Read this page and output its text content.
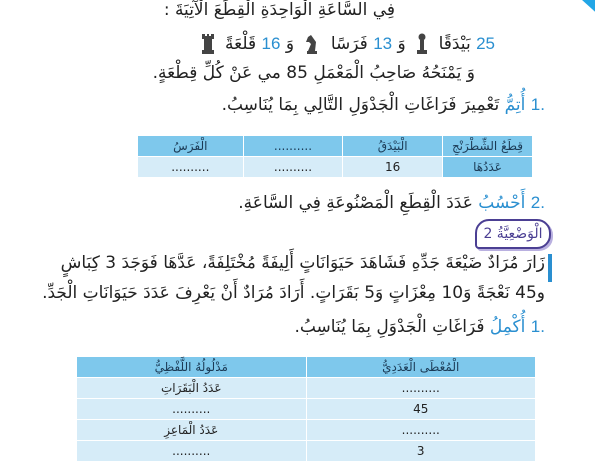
فِي السَّاعَةِ الْوَاحِدَةِ الْقِطَعَ الْآتِيَةَ :
25 بَيْدَقًا  وَ 13 فَرَسًا  وَ 16 قَلْعَةً
وَ يَمْنَحُهُ صَاحِبُ الْمَعْمَلِ 85 مي عَنْ كُلِّ قِطْعَةٍ.
.1 أُتِمُّ تَعْمِيرَ فَرَاغَاتِ الْجَدْوَلِ التَّالِي بِمَا يُنَاسِبُ.
قِطَعُ الشِّطْرَنْجِ	الْبَيْدَقُ	..........	الْفَرَسُ
عَدَدُهَا	16	..........	..........
.2 أَحْسُبُ عَدَدَ الْقِطَعِ الْمَصْنُوعَةِ فِي السَّاعَةِ.
الْوَضْعِيَّةُ 2
زَارَ مُرَادٌ ضَيْعَةَ جَدِّهِ فَشَاهَدَ حَيَوَانَاتٍ أَلِيفَةً مُخْتَلِفَةً، عَدَّهَا فَوَجَدَ 3 كِبَاشٍ
و45 نَعْجَةً وَ10 مِعْزَاتٍ وَ5 بَقَرَاتٍ. أَرَادَ مُرَادٌ أَنْ يَعْرِفَ عَدَدَ حَيَوَانَاتِ الْجَدِّ.
.1 أُكْمِلُ فَرَاغَاتِ الْجَدْوَلِ بِمَا يُنَاسِبُ.
الْمُعْطَى الْعَدَدِيُّ	مَدْلُولُهُ اللَّفْظِيُّ
..........	عَدَدُ الْبَقَرَاتِ
45	..........
..........	عَدَدُ الْمَاعِزِ
3	..........
